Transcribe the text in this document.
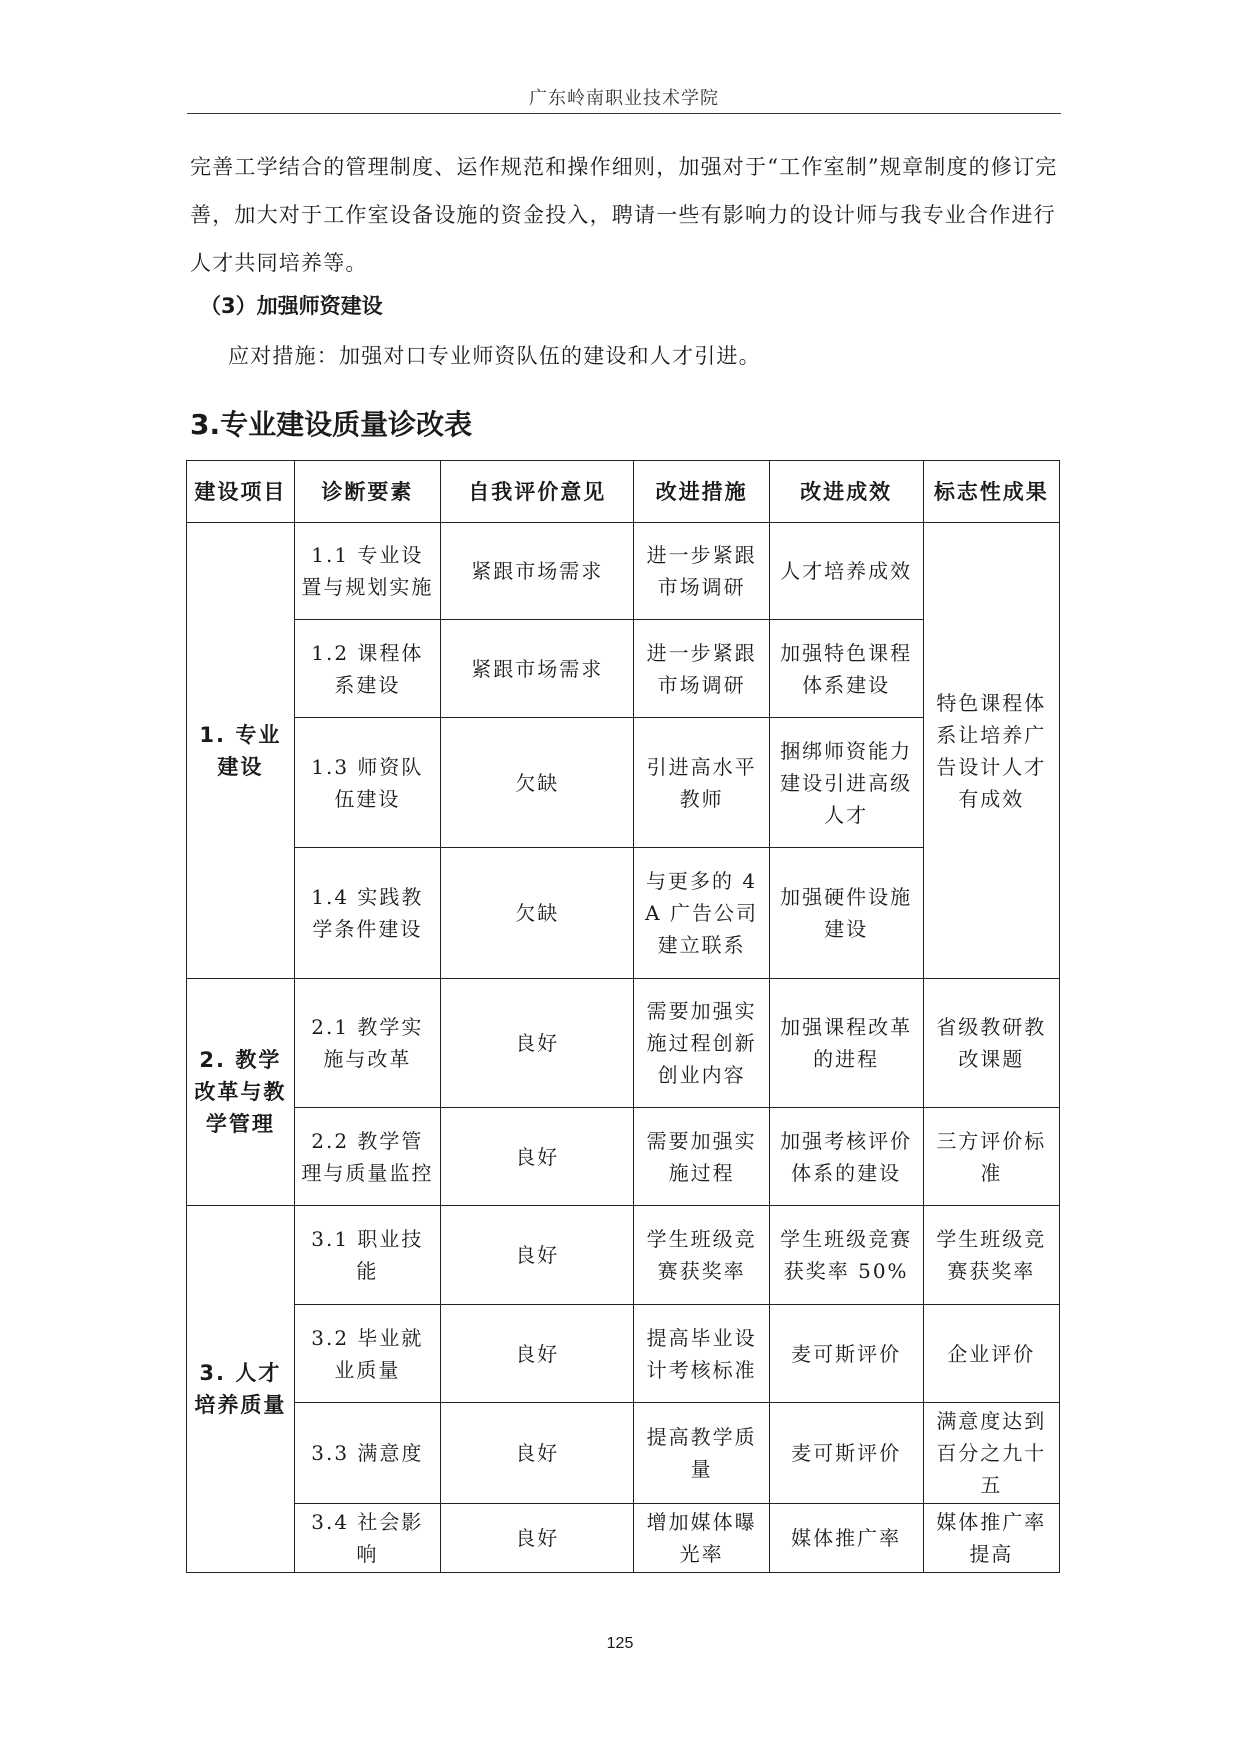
广东岭南职业技术学院
完善工学结合的管理制度、运作规范和操作细则，加强对于“工作室制”规章制度的修订完善，加大对于工作室设备设施的资金投入，聘请一些有影响力的设计师与我专业合作进行人才共同培养等。
（3）加强师资建设
应对措施：加强对口专业师资队伍的建设和人才引进。
3.专业建设质量诊改表
建设项目	诊断要素	自我评价意见	改进措施	改进成效	标志性成果
1. 专业建设	1.1 专业设置与规划实施	紧跟市场需求	进一步紧跟市场调研	人才培养成效	特色课程体系让培养广告设计人才有成效
	1.2 课程体系建设	紧跟市场需求	进一步紧跟市场调研	加强特色课程体系建设	
	1.3 师资队伍建设	欠缺	引进高水平教师	捆绑师资能力建设引进高级人才	
	1.4 实践教学条件建设	欠缺	与更多的 4A 广告公司建立联系	加强硬件设施建设	
2. 教学改革与教学管理	2.1 教学实施与改革	良好	需要加强实施过程创新创业内容	加强课程改革的进程	省级教研教改课题
	2.2 教学管理与质量监控	良好	需要加强实施过程	加强考核评价体系的建设	三方评价标准
3. 人才培养质量	3.1 职业技能	良好	学生班级竞赛获奖率	学生班级竞赛获奖率 50%	学生班级竞赛获奖率
	3.2 毕业就业质量	良好	提高毕业设计考核标准	麦可斯评价	企业评价
	3.3 满意度	良好	提高教学质量	麦可斯评价	满意度达到百分之九十五
	3.4 社会影响	良好	增加媒体曝光率	媒体推广率	媒体推广率提高
125
